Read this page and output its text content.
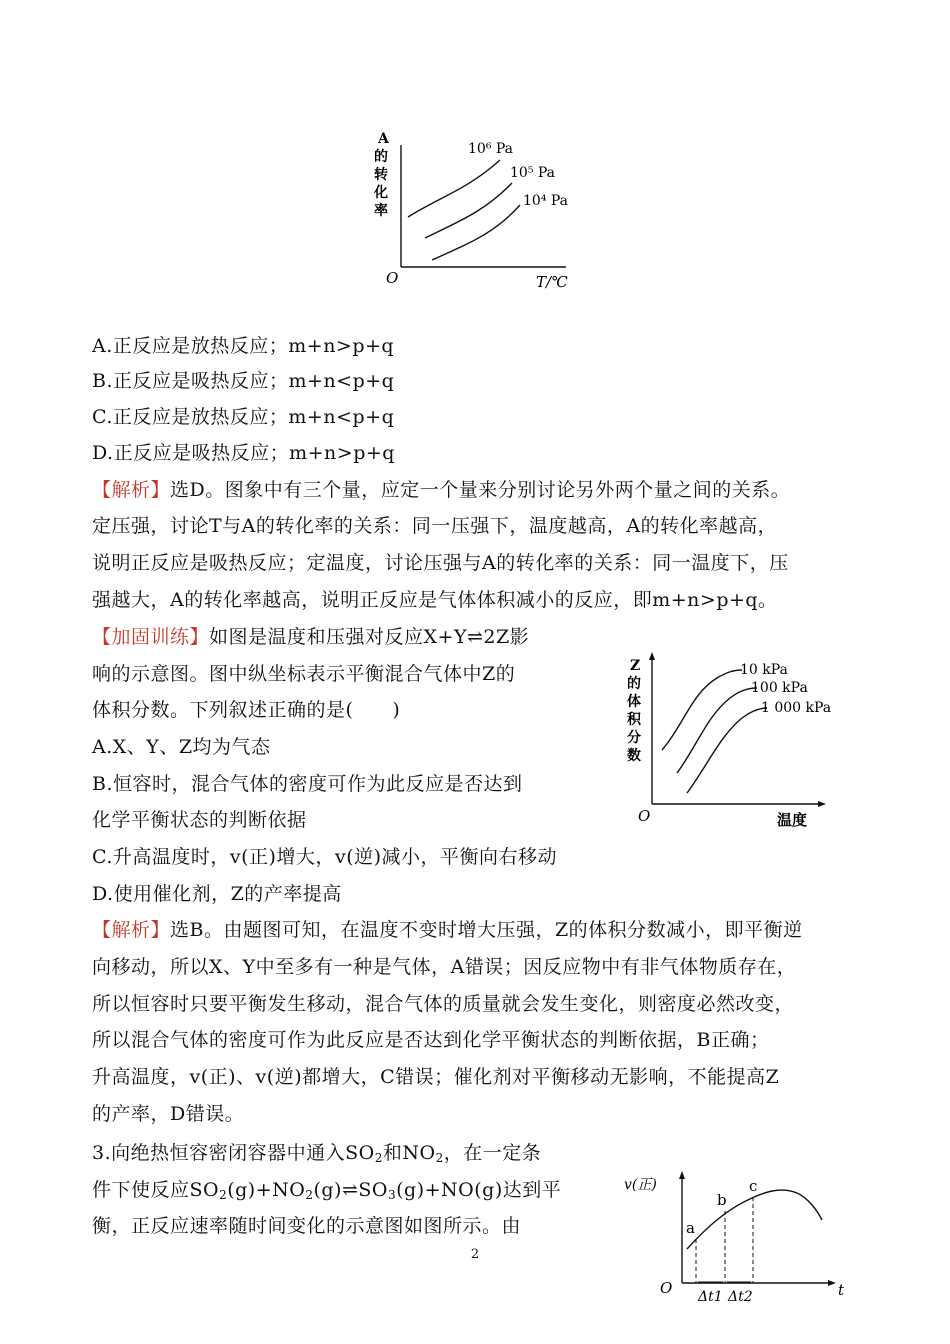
A 的转化率
O	T/℃
10⁶ Pa
10⁵ Pa
10⁴ Pa
A.正反应是放热反应；m+n>p+q
B.正反应是吸热反应；m+n<p+q
C.正反应是放热反应；m+n<p+q
D.正反应是吸热反应；m+n>p+q
【解析】选D。图象中有三个量，应定一个量来分别讨论另外两个量之间的关系。
定压强，讨论T与A的转化率的关系：同一压强下，温度越高，A的转化率越高，
说明正反应是吸热反应；定温度，讨论压强与A的转化率的关系：同一温度下，压
强越大，A的转化率越高，说明正反应是气体体积减小的反应，即m+n>p+q。
【加固训练】如图是温度和压强对反应X+Y⇌2Z影
响的示意图。图中纵坐标表示平衡混合气体中Z的
体积分数。下列叙述正确的是(　　)
A.X、Y、Z均为气态
B.恒容时，混合气体的密度可作为此反应是否达到
化学平衡状态的判断依据
C.升高温度时，v(正)增大，v(逆)减小，平衡向右移动
D.使用催化剂，Z的产率提高
Z 的体积分数
O	温度
10 kPa
100 kPa
1 000 kPa
【解析】选B。由题图可知，在温度不变时增大压强，Z的体积分数减小，即平衡逆
向移动，所以X、Y中至多有一种是气体，A错误；因反应物中有非气体物质存在，
所以恒容时只要平衡发生移动，混合气体的质量就会发生变化，则密度必然改变，
所以混合气体的密度可作为此反应是否达到化学平衡状态的判断依据，B正确；
升高温度，v(正)、v(逆)都增大，C错误；催化剂对平衡移动无影响，不能提高Z
的产率，D错误。
3.向绝热恒容密闭容器中通入$SO_2$和$NO_2$，在一定条
件下使反应$SO_2(g)+NO_2(g)\rightleftharpoons SO_3(g)+NO(g)$达到平
衡，正反应速率随时间变化的示意图如图所示。由
v(正)
O	t
a
b
c
Δt1 Δt2
2
